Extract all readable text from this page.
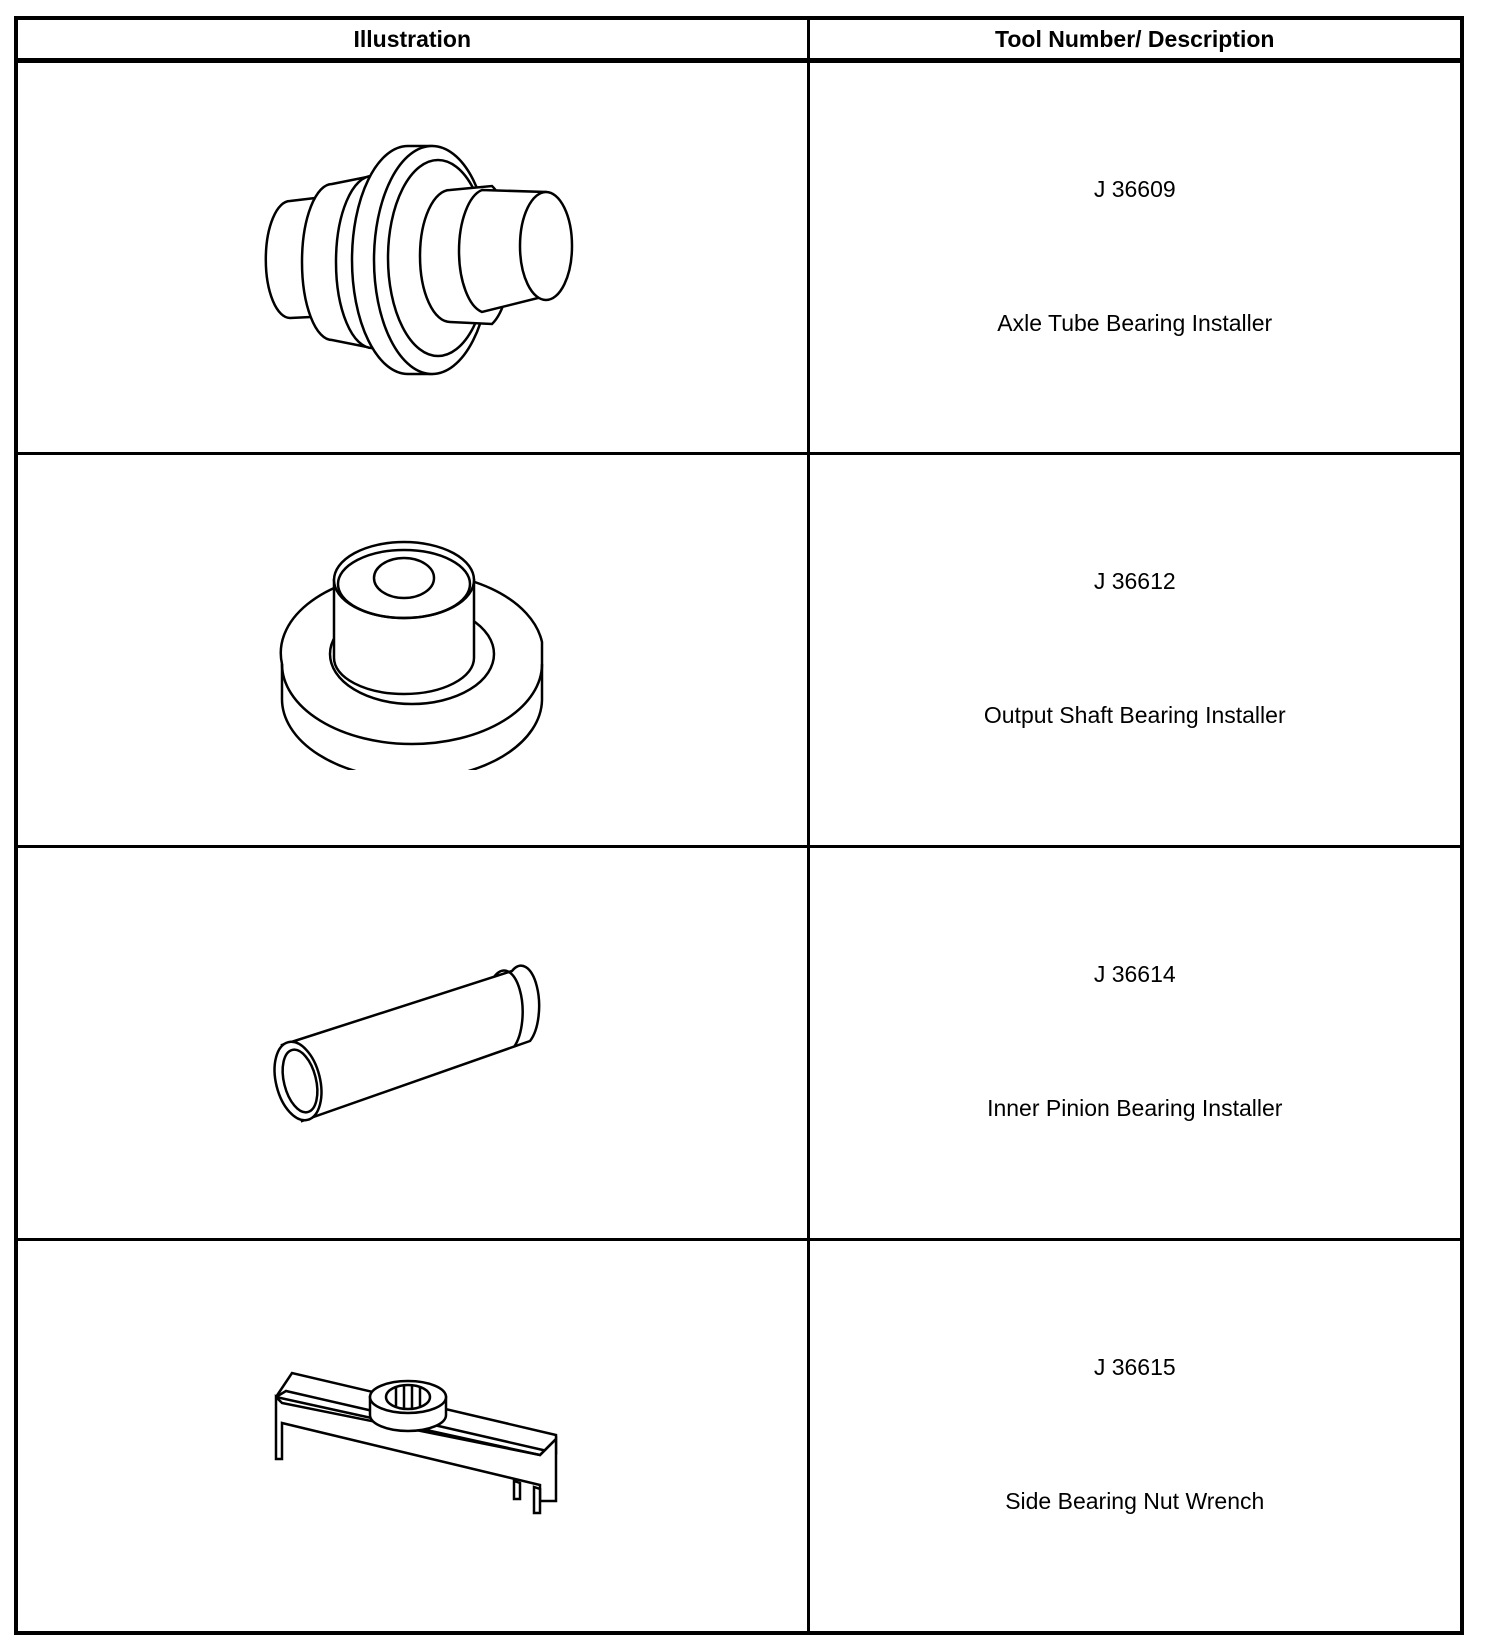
Illustration	Tool Number/ Description

J 36609
Axle Tube Bearing Installer

J 36612
Output Shaft Bearing Installer

J 36614
Inner Pinion Bearing Installer

J 36615
Side Bearing Nut Wrench
